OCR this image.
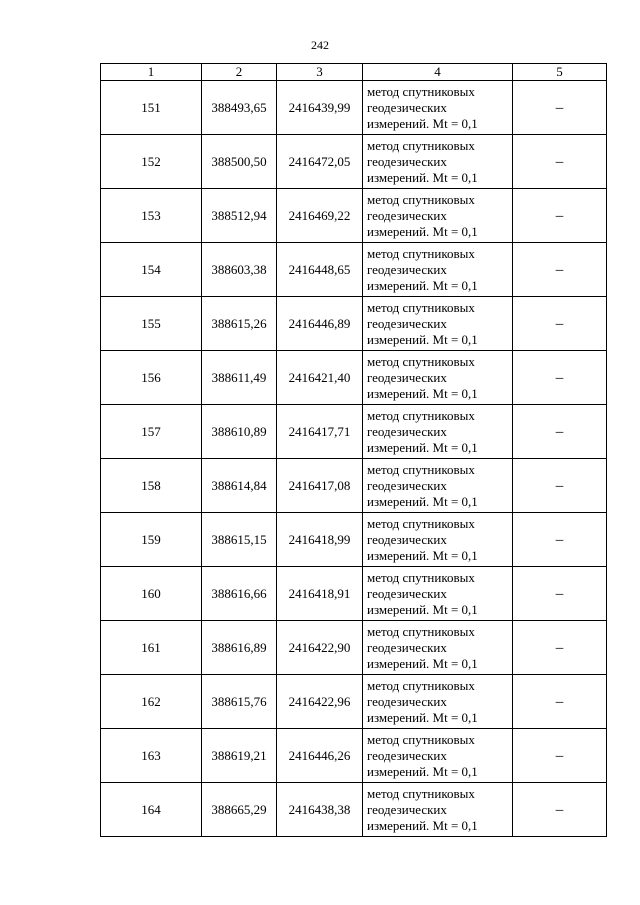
242
1	2	3	4	5
151	388493,65	2416439,99	метод спутниковых геодезических измерений. Mt = 0,1	–
152	388500,50	2416472,05	метод спутниковых геодезических измерений. Mt = 0,1	–
153	388512,94	2416469,22	метод спутниковых геодезических измерений. Mt = 0,1	–
154	388603,38	2416448,65	метод спутниковых геодезических измерений. Mt = 0,1	–
155	388615,26	2416446,89	метод спутниковых геодезических измерений. Mt = 0,1	–
156	388611,49	2416421,40	метод спутниковых геодезических измерений. Mt = 0,1	–
157	388610,89	2416417,71	метод спутниковых геодезических измерений. Mt = 0,1	–
158	388614,84	2416417,08	метод спутниковых геодезических измерений. Mt = 0,1	–
159	388615,15	2416418,99	метод спутниковых геодезических измерений. Mt = 0,1	–
160	388616,66	2416418,91	метод спутниковых геодезических измерений. Mt = 0,1	–
161	388616,89	2416422,90	метод спутниковых геодезических измерений. Mt = 0,1	–
162	388615,76	2416422,96	метод спутниковых геодезических измерений. Mt = 0,1	–
163	388619,21	2416446,26	метод спутниковых геодезических измерений. Mt = 0,1	–
164	388665,29	2416438,38	метод спутниковых геодезических измерений. Mt = 0,1	–
